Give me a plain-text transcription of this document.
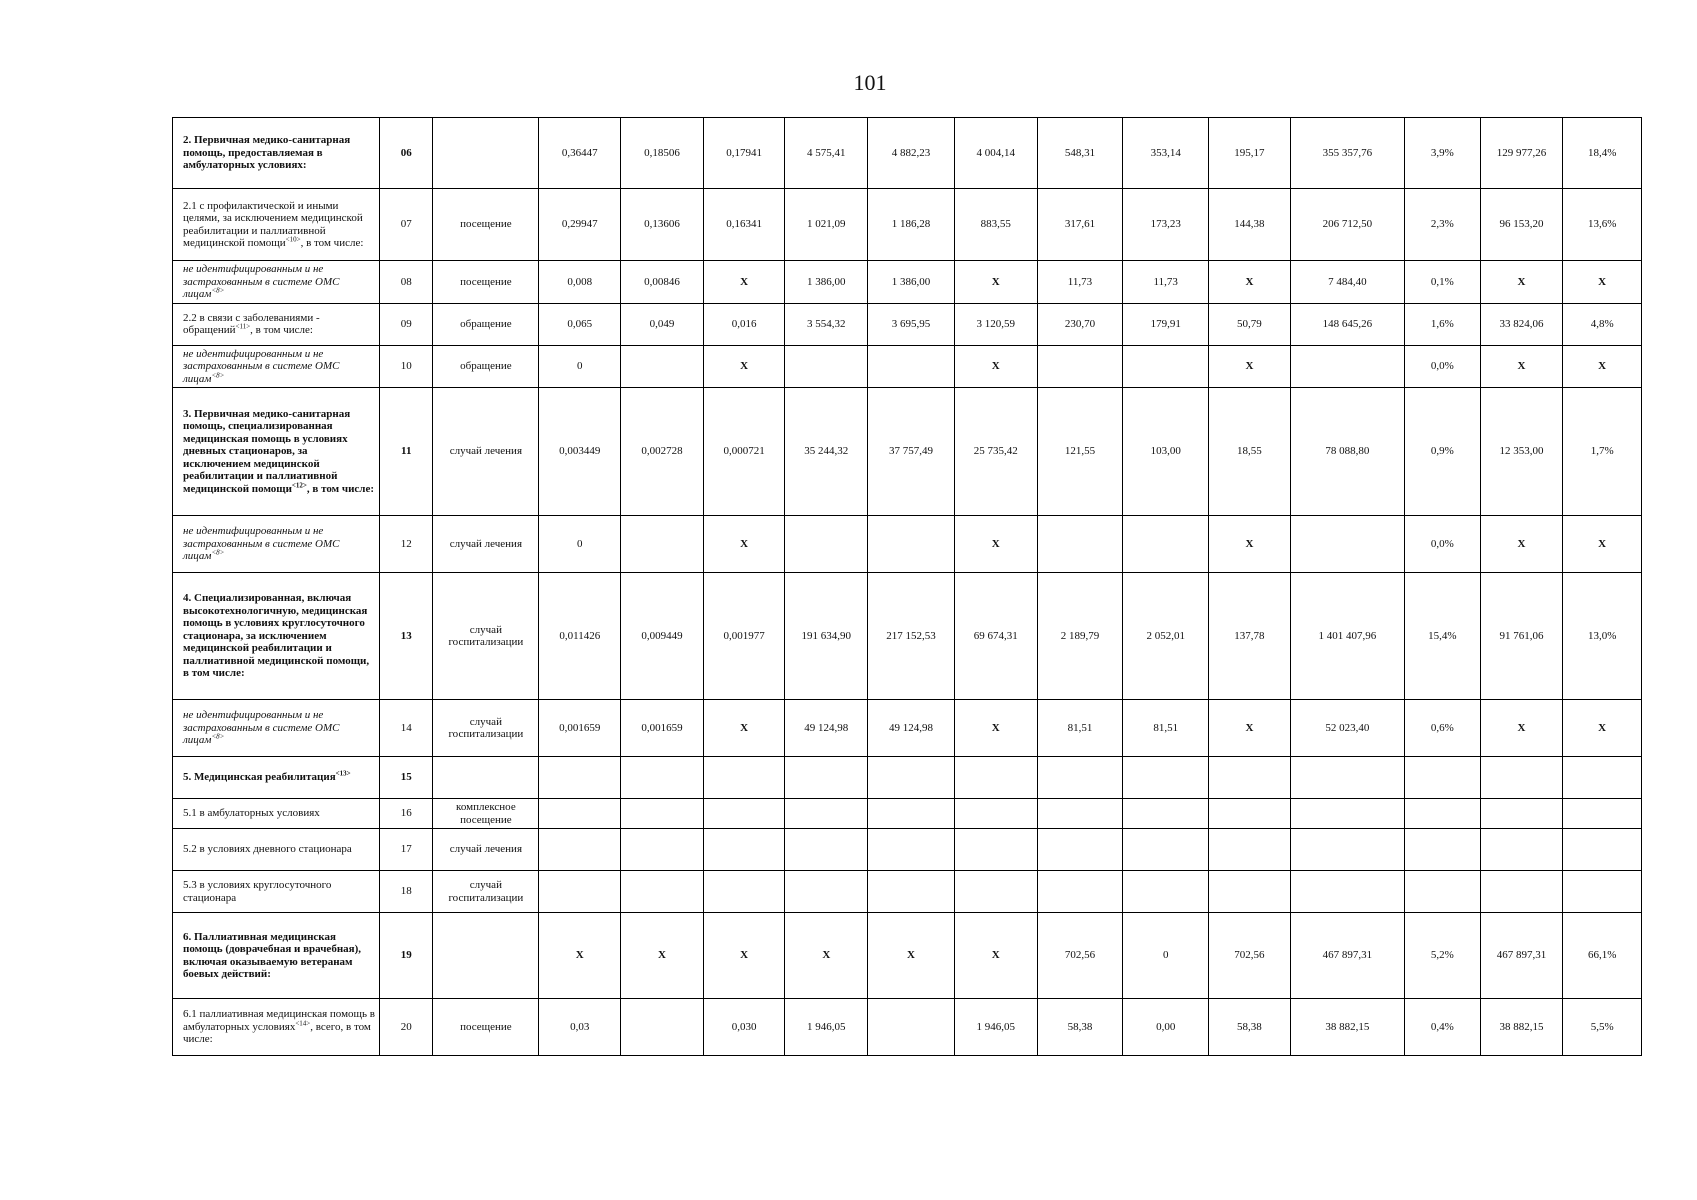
101
2. Первичная медико-санитарная помощь, предоставляемая в амбулаторных условиях:	06		0,36447	0,18506	0,17941	4 575,41	4 882,23	4 004,14	548,31	353,14	195,17	355 357,76	3,9%	129 977,26	18,4%
2.1 с профилактической и иными целями, за исключением медицинской реабилитации и паллиативной медицинской помощи$^{<10>}$, в том числе:	07	посещение	0,29947	0,13606	0,16341	1 021,09	1 186,28	883,55	317,61	173,23	144,38	206 712,50	2,3%	96 153,20	13,6%
не идентифицированным и не застрахованным в системе ОМС лицам$^{<8>}$	08	посещение	0,008	0,00846	X	1 386,00	1 386,00	X	11,73	11,73	X	7 484,40	0,1%	X	X
2.2 в связи с заболеваниями - обращений$^{<11>}$, в том числе:	09	обращение	0,065	0,049	0,016	3 554,32	3 695,95	3 120,59	230,70	179,91	50,79	148 645,26	1,6%	33 824,06	4,8%
не идентифицированным и не застрахованным в системе ОМС лицам$^{<8>}$	10	обращение	0		X			X			X		0,0%	X	X
3. Первичная медико-санитарная помощь, специализированная медицинская помощь в условиях дневных стационаров, за исключением медицинской реабилитации и паллиативной медицинской помощи$^{<12>}$, в том числе:	11	случай лечения	0,003449	0,002728	0,000721	35 244,32	37 757,49	25 735,42	121,55	103,00	18,55	78 088,80	0,9%	12 353,00	1,7%
не идентифицированным и не застрахованным в системе ОМС лицам$^{<8>}$	12	случай лечения	0		X			X			X		0,0%	X	X
4. Специализированная, включая высокотехнологичную, медицинская помощь в условиях круглосуточного стационара, за исключением медицинской реабилитации и паллиативной медицинской помощи, в том числе:	13	случай госпитализации	0,011426	0,009449	0,001977	191 634,90	217 152,53	69 674,31	2 189,79	2 052,01	137,78	1 401 407,96	15,4%	91 761,06	13,0%
не идентифицированным и не застрахованным в системе ОМС лицам$^{<8>}$	14	случай госпитализации	0,001659	0,001659	X	49 124,98	49 124,98	X	81,51	81,51	X	52 023,40	0,6%	X	X
5. Медицинская реабилитация$^{<13>}$	15														
5.1 в амбулаторных условиях	16	комплексное посещение													
5.2 в условиях дневного стационара	17	случай лечения													
5.3 в условиях круглосуточного стационара	18	случай госпитализации													
6. Паллиативная медицинская помощь (доврачебная и врачебная), включая оказываемую ветеранам боевых действий:	19		X	X	X	X	X	X	702,56	0	702,56	467 897,31	5,2%	467 897,31	66,1%
6.1 паллиативная медицинская помощь в амбулаторных условиях$^{<14>}$, всего, в том числе:	20	посещение	0,03		0,030	1 946,05		1 946,05	58,38	0,00	58,38	38 882,15	0,4%	38 882,15	5,5%
